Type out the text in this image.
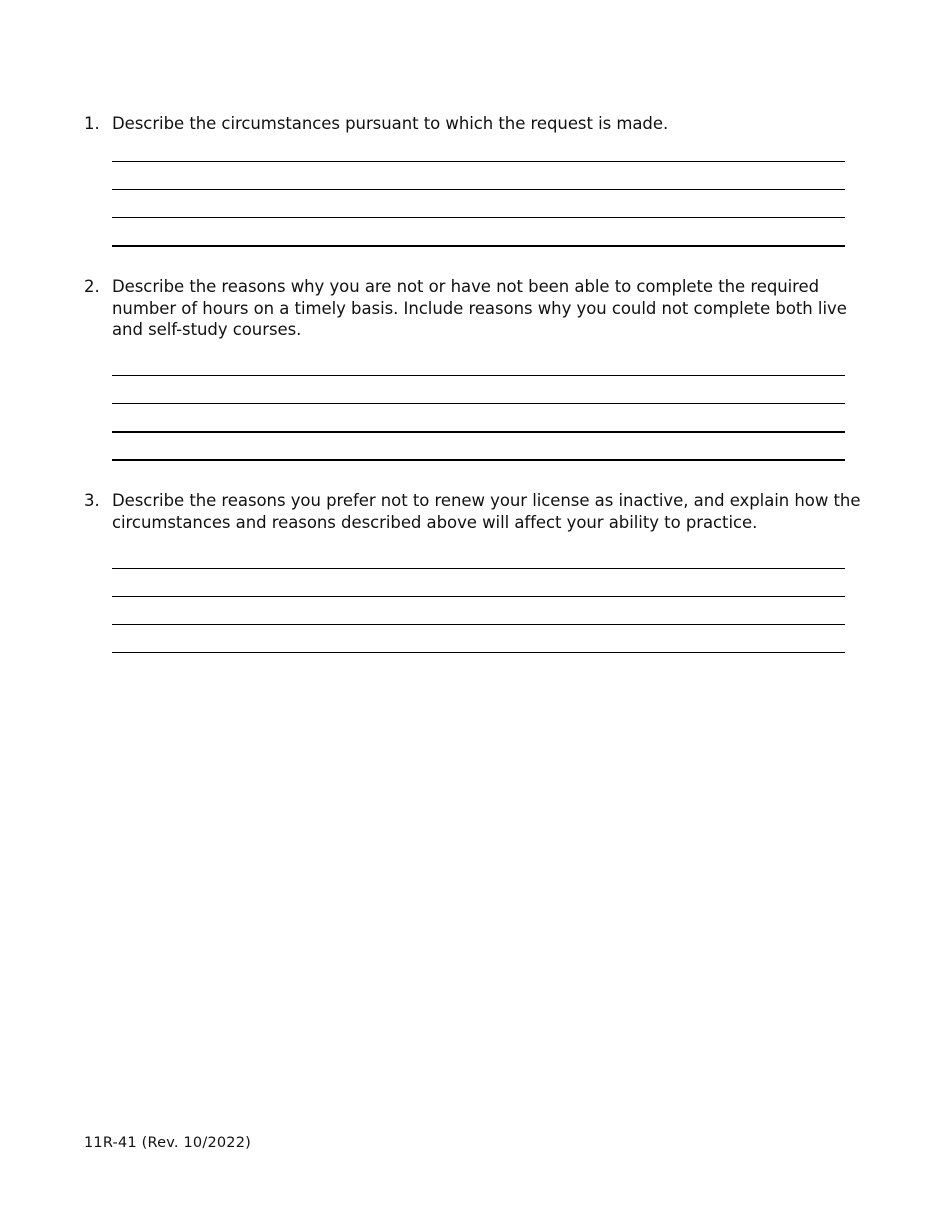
1. Describe the circumstances pursuant to which the request is made.
2. Describe the reasons why you are not or have not been able to complete the required number of hours on a timely basis. Include reasons why you could not complete both live and self-study courses.
3. Describe the reasons you prefer not to renew your license as inactive, and explain how the circumstances and reasons described above will affect your ability to practice.
11R-41 (Rev. 10/2022)
